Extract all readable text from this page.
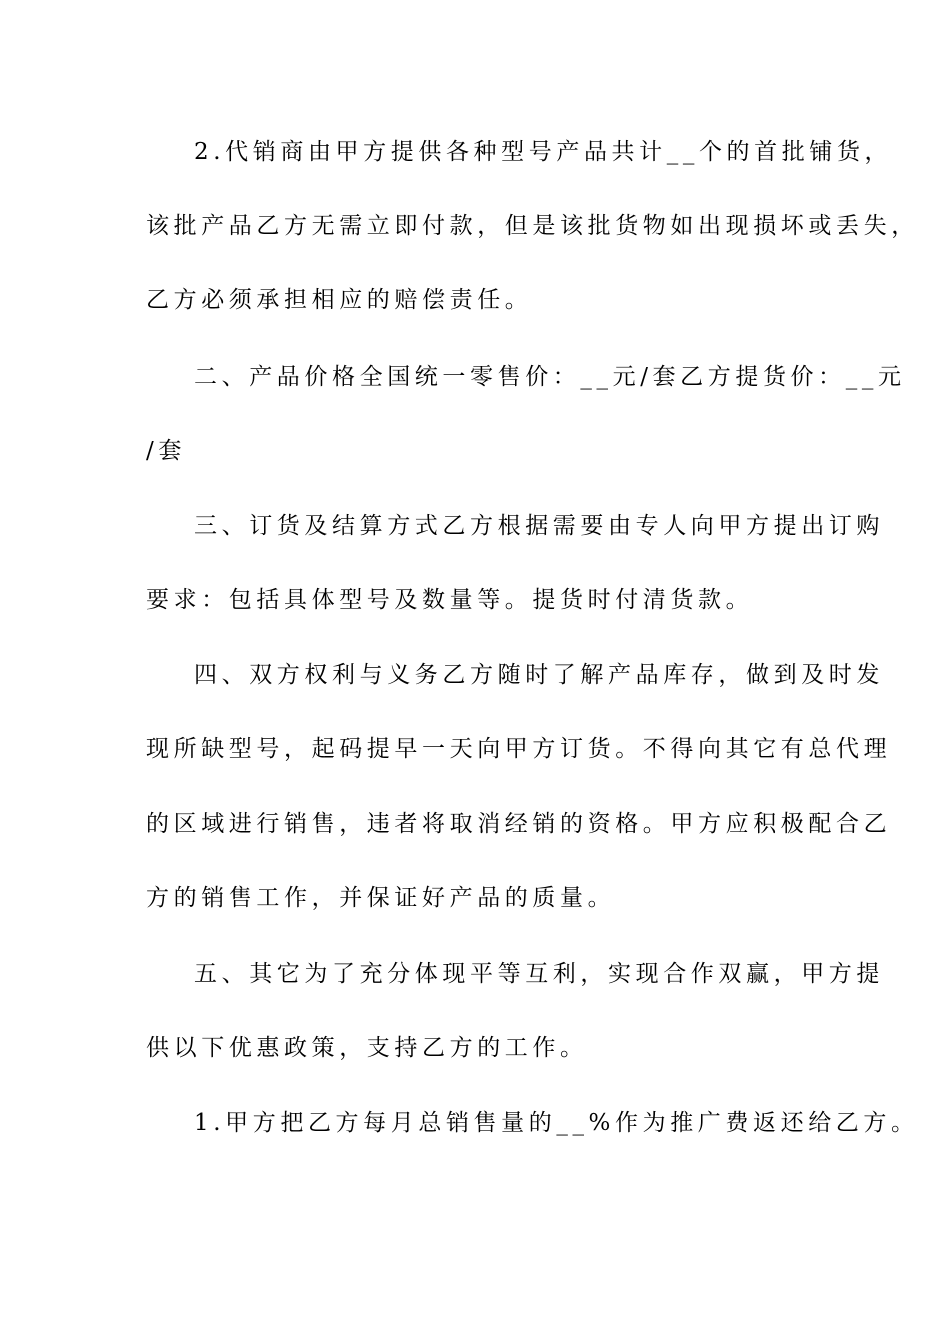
2.代销商由甲方提供各种型号产品共计__个的首批铺货，
该批产品乙方无需立即付款，但是该批货物如出现损坏或丢失，
乙方必须承担相应的赔偿责任。
二、产品价格全国统一零售价：__元/套乙方提货价：__元
/套
三、订货及结算方式乙方根据需要由专人向甲方提出订购
要求：包括具体型号及数量等。提货时付清货款。
四、双方权利与义务乙方随时了解产品库存，做到及时发
现所缺型号，起码提早一天向甲方订货。不得向其它有总代理
的区域进行销售，违者将取消经销的资格。甲方应积极配合乙
方的销售工作，并保证好产品的质量。
五、其它为了充分体现平等互利，实现合作双赢，甲方提
供以下优惠政策，支持乙方的工作。
1.甲方把乙方每月总销售量的__%作为推广费返还给乙方。
